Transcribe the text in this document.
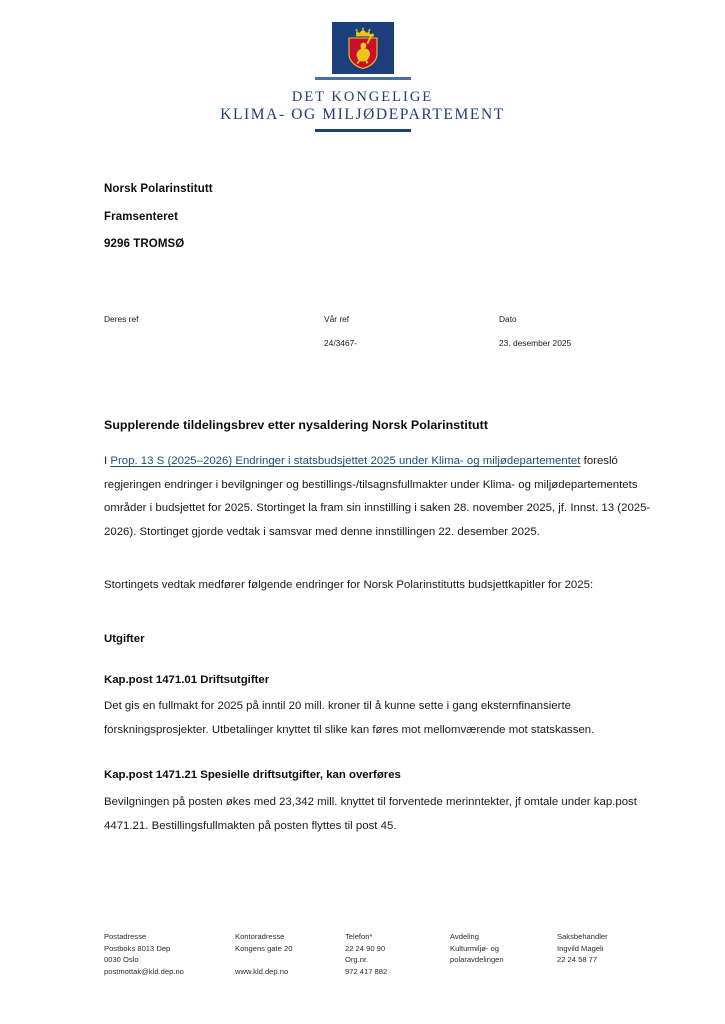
DET KONGELIGE
KLIMA- OG MILJØDEPARTEMENT
Norsk Polarinstitutt
Framsenteret
9296 TROMSØ
Deres ref	Vår ref
24/3467-
Dato
23. desember 2025
Supplerende tildelingsbrev etter nysaldering Norsk Polarinstitutt

I Prop. 13 S (2025–2026) Endringer i statsbudsjettet 2025 under Klima- og miljødepartementet foresló regjeringen endringer i bevilgninger og bestillings-/tilsagnsfullmakter under Klima- og miljødepartementets områder i budsjettet for 2025. Stortinget la fram sin innstilling i saken 28. november 2025, jf. Innst. 13 (2025-2026). Stortinget gjorde vedtak i samsvar med denne innstillingen 22. desember 2025.

Stortingets vedtak medfører følgende endringer for Norsk Polarinstitutts budsjettkapitler for 2025:

Utgifter
Kap.post 1471.01 Driftsutgifter

Det gis en fullmakt for 2025 på inntil 20 mill. kroner til å kunne sette i gang eksternfinansierte forskningsprosjekter. Utbetalinger knyttet til slike kan føres mot mellomværende mot statskassen.

Kap.post 1471.21 Spesielle driftsutgifter, kan overføres

Bevilgningen på posten økes med 23,342 mill. knyttet til forventede merinntekter, jf omtale under kap.post 4471.21. Bestillingsfullmakten på posten flyttes til post 45.

Postadresse
Postboks 8013 Dep
0030 Oslo
postmottak@kld.dep.no
Kontoradresse
Kongens gate 20
www.kld.dep.no
Telefon*
22 24 90 90
Org.nr.
972 417 882
Avdeling
Kulturmiljø- og
polaravdelingen
Saksbehandler
Ingvild Mageli
22 24 58 77
